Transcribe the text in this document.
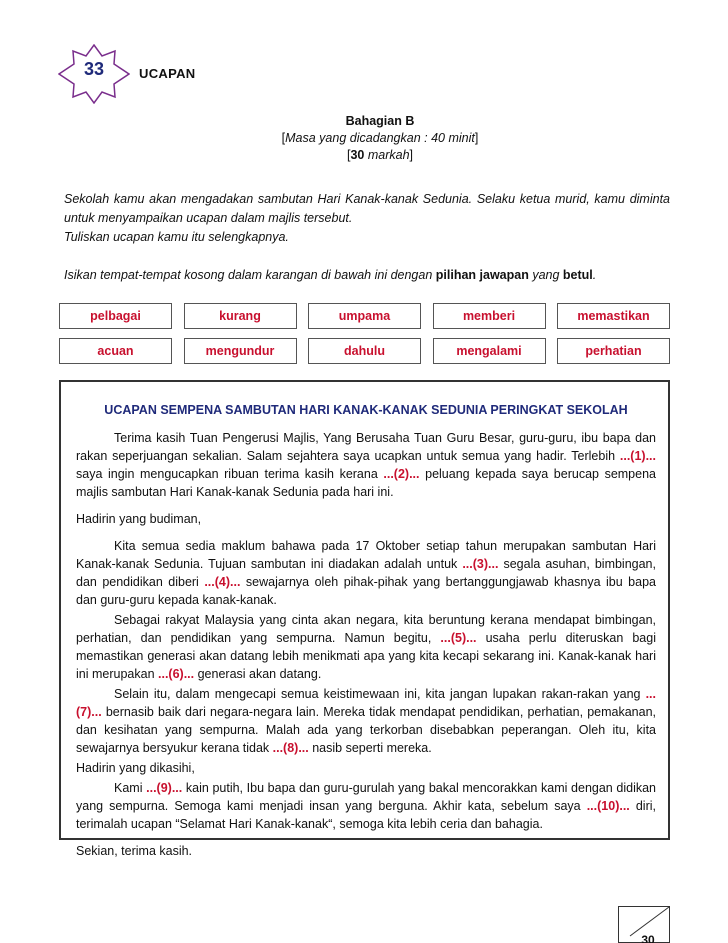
33	UCAPAN
Bahagian B
[Masa yang dicadangkan : 40 minit]
[30 markah]
Sekolah kamu akan mengadakan sambutan Hari Kanak-kanak Sedunia. Selaku ketua murid, kamu diminta untuk menyampaikan ucapan dalam majlis tersebut.
Tuliskan ucapan kamu itu selengkapnya.
Isikan tempat-tempat kosong dalam karangan di bawah ini dengan pilihan jawapan yang betul.
pelbagai	kurang	umpama	memberi	memastikan
acuan	mengundur	dahulu	mengalami	perhatian
UCAPAN SEMPENA SAMBUTAN HARI KANAK-KANAK SEDUNIA PERINGKAT SEKOLAH

Terima kasih Tuan Pengerusi Majlis, Yang Berusaha Tuan Guru Besar, guru-guru, ibu bapa dan rakan seperjuangan sekalian. Salam sejahtera saya ucapkan untuk semua yang hadir. Terlebih ...(1)... saya ingin mengucapkan ribuan terima kasih kerana ...(2)... peluang kepada saya berucap sempena majlis sambutan Hari Kanak-kanak Sedunia pada hari ini.

Hadirin yang budiman,

Kita semua sedia maklum bahawa pada 17 Oktober setiap tahun merupakan sambutan Hari Kanak-kanak Sedunia. Tujuan sambutan ini diadakan adalah untuk ...(3)... segala asuhan, bimbingan, dan pendidikan diberi ...(4)... sewajarnya oleh pihak-pihak yang bertanggungjawab khasnya ibu bapa dan guru-guru kepada kanak-kanak.

Sebagai rakyat Malaysia yang cinta akan negara, kita beruntung kerana mendapat bimbingan, perhatian, dan pendidikan yang sempurna. Namun begitu, ...(5)... usaha perlu diteruskan bagi memastikan generasi akan datang lebih menikmati apa yang kita kecapi sekarang ini. Kanak-kanak hari ini merupakan ...(6)... generasi akan datang.

Selain itu, dalam mengecapi semua keistimewaan ini, kita jangan lupakan rakan-rakan yang ...(7)... bernasib baik dari negara-negara lain. Mereka tidak mendapat pendidikan, perhatian, pemakanan, dan kesihatan yang sempurna. Malah ada yang terkorban disebabkan peperangan. Oleh itu, kita sewajarnya bersyukur kerana tidak ...(8)... nasib seperti mereka.

Hadirin yang dikasihi,

Kami ...(9)... kain putih, Ibu bapa dan guru-gurulah yang bakal mencorakkan kami dengan didikan yang sempurna. Semoga kami menjadi insan yang berguna. Akhir kata, sebelum saya ...(10)... diri, terimalah ucapan “Selamat Hari Kanak-kanak“, semoga kita lebih ceria dan bahagia.

Sekian, terima kasih.

30
